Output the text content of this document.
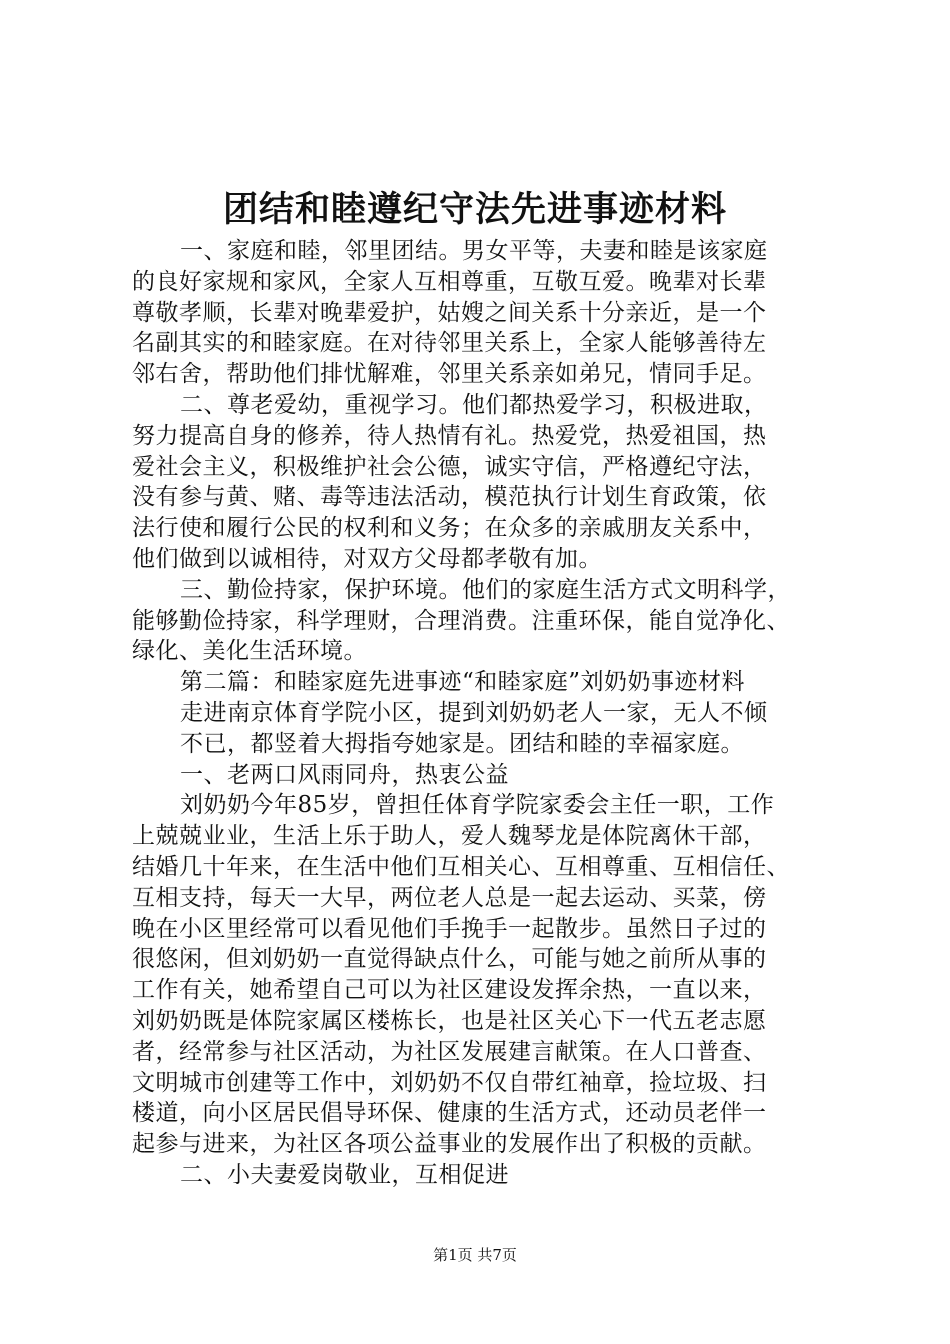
团结和睦遵纪守法先进事迹材料
一、家庭和睦，邻里团结。男女平等，夫妻和睦是该家庭
的良好家规和家风，全家人互相尊重，互敬互爱。晚辈对长辈
尊敬孝顺，长辈对晚辈爱护，姑嫂之间关系十分亲近，是一个
名副其实的和睦家庭。在对待邻里关系上，全家人能够善待左
邻右舍，帮助他们排忧解难，邻里关系亲如弟兄，情同手足。
二、尊老爱幼，重视学习。他们都热爱学习，积极进取，
努力提高自身的修养，待人热情有礼。热爱党，热爱祖国，热
爱社会主义，积极维护社会公德，诚实守信，严格遵纪守法，
没有参与黄、赌、毒等违法活动，模范执行计划生育政策，依
法行使和履行公民的权利和义务；在众多的亲戚朋友关系中，
他们做到以诚相待，对双方父母都孝敬有加。
三、勤俭持家，保护环境。他们的家庭生活方式文明科学，
能够勤俭持家，科学理财，合理消费。注重环保，能自觉净化、
绿化、美化生活环境。
第二篇：和睦家庭先进事迹“和睦家庭”刘奶奶事迹材料
走进南京体育学院小区，提到刘奶奶老人一家，无人不倾
不已，都竖着大拇指夸她家是。团结和睦的幸福家庭。
一、老两口风雨同舟，热衷公益
刘奶奶今年85岁，曾担任体育学院家委会主任一职，工作
上兢兢业业，生活上乐于助人，爱人魏琴龙是体院离休干部，
结婚几十年来，在生活中他们互相关心、互相尊重、互相信任、
互相支持，每天一大早，两位老人总是一起去运动、买菜，傍
晚在小区里经常可以看见他们手挽手一起散步。虽然日子过的
很悠闲，但刘奶奶一直觉得缺点什么，可能与她之前所从事的
工作有关，她希望自己可以为社区建设发挥余热，一直以来，
刘奶奶既是体院家属区楼栋长，也是社区关心下一代五老志愿
者，经常参与社区活动，为社区发展建言献策。在人口普查、
文明城市创建等工作中，刘奶奶不仅自带红袖章，捡垃圾、扫
楼道，向小区居民倡导环保、健康的生活方式，还动员老伴一
起参与进来，为社区各项公益事业的发展作出了积极的贡献。
二、小夫妻爱岗敬业，互相促进
第1页 共7页
